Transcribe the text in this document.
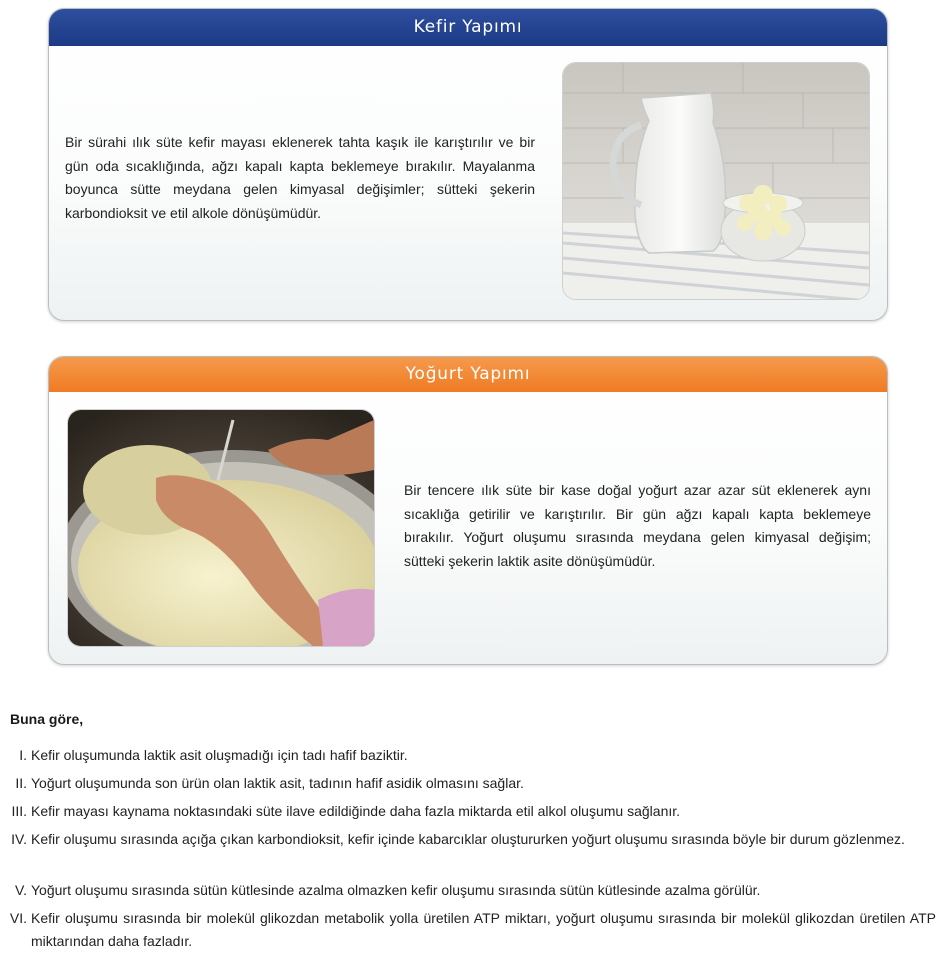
Kefir Yapımı
Bir sürahi ılık süte kefir mayası eklenerek tahta kaşık ile karıştırılır ve bir gün oda sıcaklığında, ağzı kapalı kapta beklemeye bırakılır. Mayalanma boyunca sütte meydana gelen kimyasal değişimler; sütteki şekerin karbondioksit ve etil alkole dönüşümüdür.
Yoğurt Yapımı
Bir tencere ılık süte bir kase doğal yoğurt azar azar süt eklenerek aynı sıcaklığa getirilir ve karıştırılır. Bir gün ağzı kapalı kapta beklemeye bırakılır. Yoğurt oluşumu sırasında meydana gelen kimyasal değişim; sütteki şekerin laktik asite dönüşümüdür.
Buna göre,
I. Kefir oluşumunda laktik asit oluşmadığı için tadı hafif baziktir.
II. Yoğurt oluşumunda son ürün olan laktik asit, tadının hafif asidik olmasını sağlar.
III. Kefir mayası kaynama noktasındaki süte ilave edildiğinde daha fazla miktarda etil alkol oluşumu sağlanır.
IV. Kefir oluşumu sırasında açığa çıkan karbondioksit, kefir içinde kabarcıklar oluştururken yoğurt oluşumu sırasında böyle bir durum gözlenmez.
V. Yoğurt oluşumu sırasında sütün kütlesinde azalma olmazken kefir oluşumu sırasında sütün kütlesinde azalma görülür.
VI. Kefir oluşumu sırasında bir molekül glikozdan metabolik yolla üretilen ATP miktarı, yoğurt oluşumu sırasında bir molekül glikozdan üretilen ATP miktarından daha fazladır.
